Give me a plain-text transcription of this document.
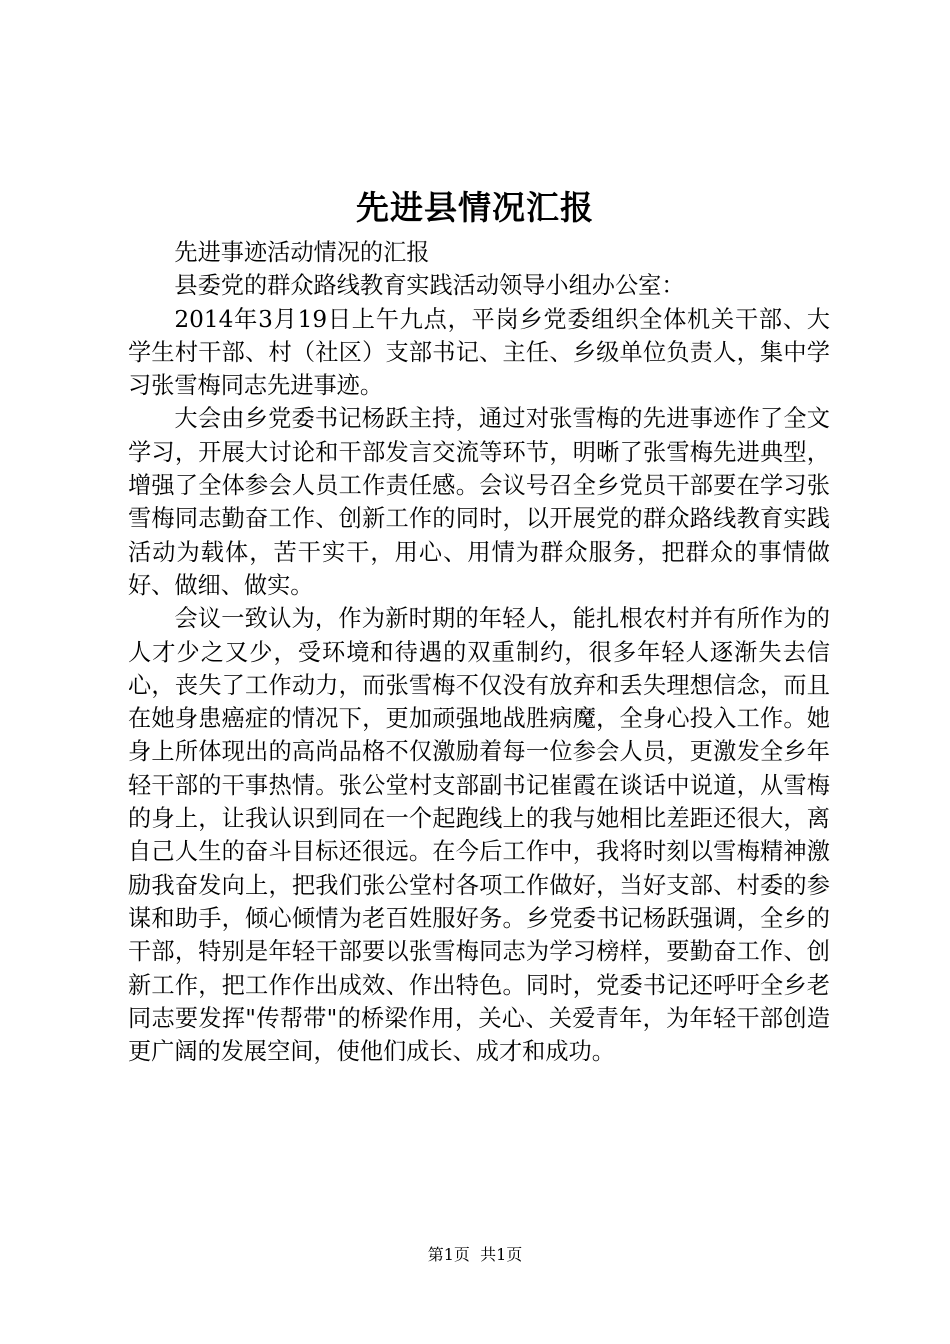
先进县情况汇报

先进事迹活动情况的汇报

县委党的群众路线教育实践活动领导小组办公室：

2014年3月19日上午九点，平岗乡党委组织全体机关干部、大学生村干部、村（社区）支部书记、主任、乡级单位负责人，集中学习张雪梅同志先进事迹。

大会由乡党委书记杨跃主持，通过对张雪梅的先进事迹作了全文学习，开展大讨论和干部发言交流等环节，明晰了张雪梅先进典型，增强了全体参会人员工作责任感。会议号召全乡党员干部要在学习张雪梅同志勤奋工作、创新工作的同时，以开展党的群众路线教育实践活动为载体，苦干实干，用心、用情为群众服务，把群众的事情做好、做细、做实。

会议一致认为，作为新时期的年轻人，能扎根农村并有所作为的人才少之又少，受环境和待遇的双重制约，很多年轻人逐渐失去信心，丧失了工作动力，而张雪梅不仅没有放弃和丢失理想信念，而且在她身患癌症的情况下，更加顽强地战胜病魔，全身心投入工作。她身上所体现出的高尚品格不仅激励着每一位参会人员，更激发全乡年轻干部的干事热情。张公堂村支部副书记崔霞在谈话中说道，从雪梅的身上，让我认识到同在一个起跑线上的我与她相比差距还很大，离自己人生的奋斗目标还很远。在今后工作中，我将时刻以雪梅精神激励我奋发向上，把我们张公堂村各项工作做好，当好支部、村委的参谋和助手，倾心倾情为老百姓服好务。乡党委书记杨跃强调，全乡的干部，特别是年轻干部要以张雪梅同志为学习榜样，要勤奋工作、创新工作，把工作作出成效、作出特色。同时，党委书记还呼吁全乡老同志要发挥"传帮带"的桥梁作用，关心、关爱青年，为年轻干部创造更广阔的发展空间，使他们成长、成才和成功。

第1页  共1页
